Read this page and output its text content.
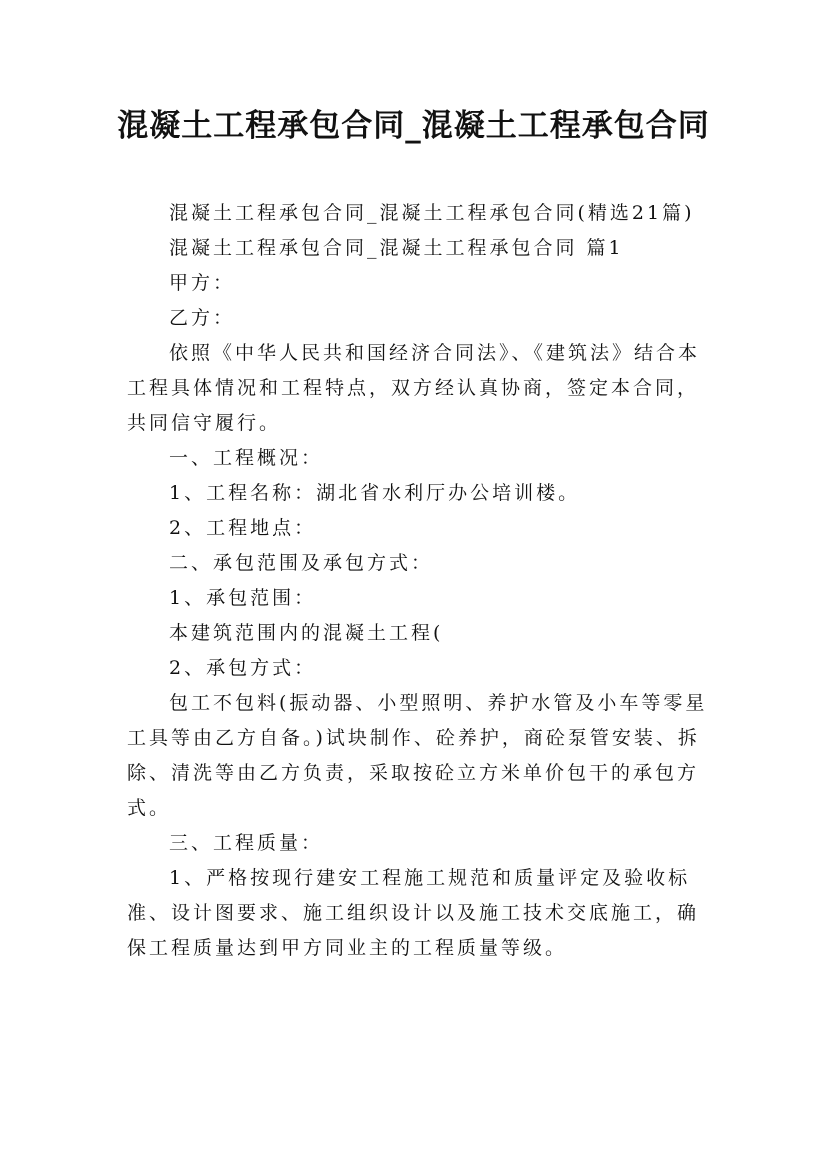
混凝土工程承包合同_混凝土工程承包合同

混凝土工程承包合同_混凝土工程承包合同(精选21篇)

混凝土工程承包合同_混凝土工程承包合同 篇1

甲方：

乙方：

依照《中华人民共和国经济合同法》、《建筑法》结合本工程具体情况和工程特点，双方经认真协商，签定本合同，共同信守履行。

一、工程概况：

1、工程名称：湖北省水利厅办公培训楼。

2、工程地点：

二、承包范围及承包方式：

1、承包范围：

本建筑范围内的混凝土工程(

2、承包方式：

包工不包料(振动器、小型照明、养护水管及小车等零星工具等由乙方自备。)试块制作、砼养护，商砼泵管安装、拆除、清洗等由乙方负责，采取按砼立方米单价包干的承包方式。

三、工程质量：

1、严格按现行建安工程施工规范和质量评定及验收标准、设计图要求、施工组织设计以及施工技术交底施工，确保工程质量达到甲方同业主的工程质量等级。
